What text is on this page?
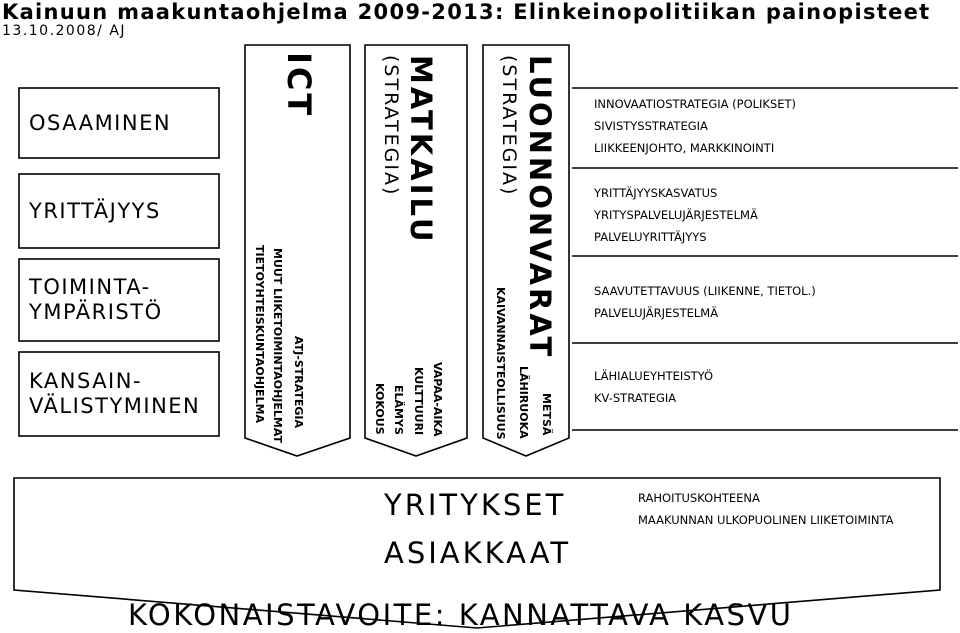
Kainuun maakuntaohjelma 2009-2013: Elinkeinopolitiikan painopisteet
13.10.2008/ AJ
OSAAMINEN
YRITTÄJYYS
TOIMINTA-
YMPÄRISTÖ
KANSAIN-
VÄLISTYMINEN
ICT
ATJ-STRATEGIA
MUUT LIIKETOIMINTAOHJELMAT
TIETOYHTEISKUNTAOHJELMA
MATKAILU
(STRATEGIA)
VAPAA-AIKA
KULTTUURI
ELÄMYS
KOKOUS
LUONNONVARAT
(STRATEGIA)
METSÄ
LÄHIRUOKA
KAIVANNAISTEOLLISUUS
INNOVAATIOSTRATEGIA (POLIKSET)
SIVISTYSSTRATEGIA
LIIKKEENJOHTO, MARKKINOINTI
YRITTÄJYYSKASVATUS
YRITYSPALVELUJÄRJESTELMÄ
PALVELUYRITTÄJYYS
SAAVUTETTAVUUS (LIIKENNE, TIETOL.)
PALVELUJÄRJESTELMÄ
LÄHIALUEYHTEISTYÖ
KV-STRATEGIA
YRITYKSET
ASIAKKAAT
RAHOITUSKOHTEENA
MAAKUNNAN ULKOPUOLINEN LIIKETOIMINTA
KOKONAISTAVOITE: KANNATTAVA KASVU
